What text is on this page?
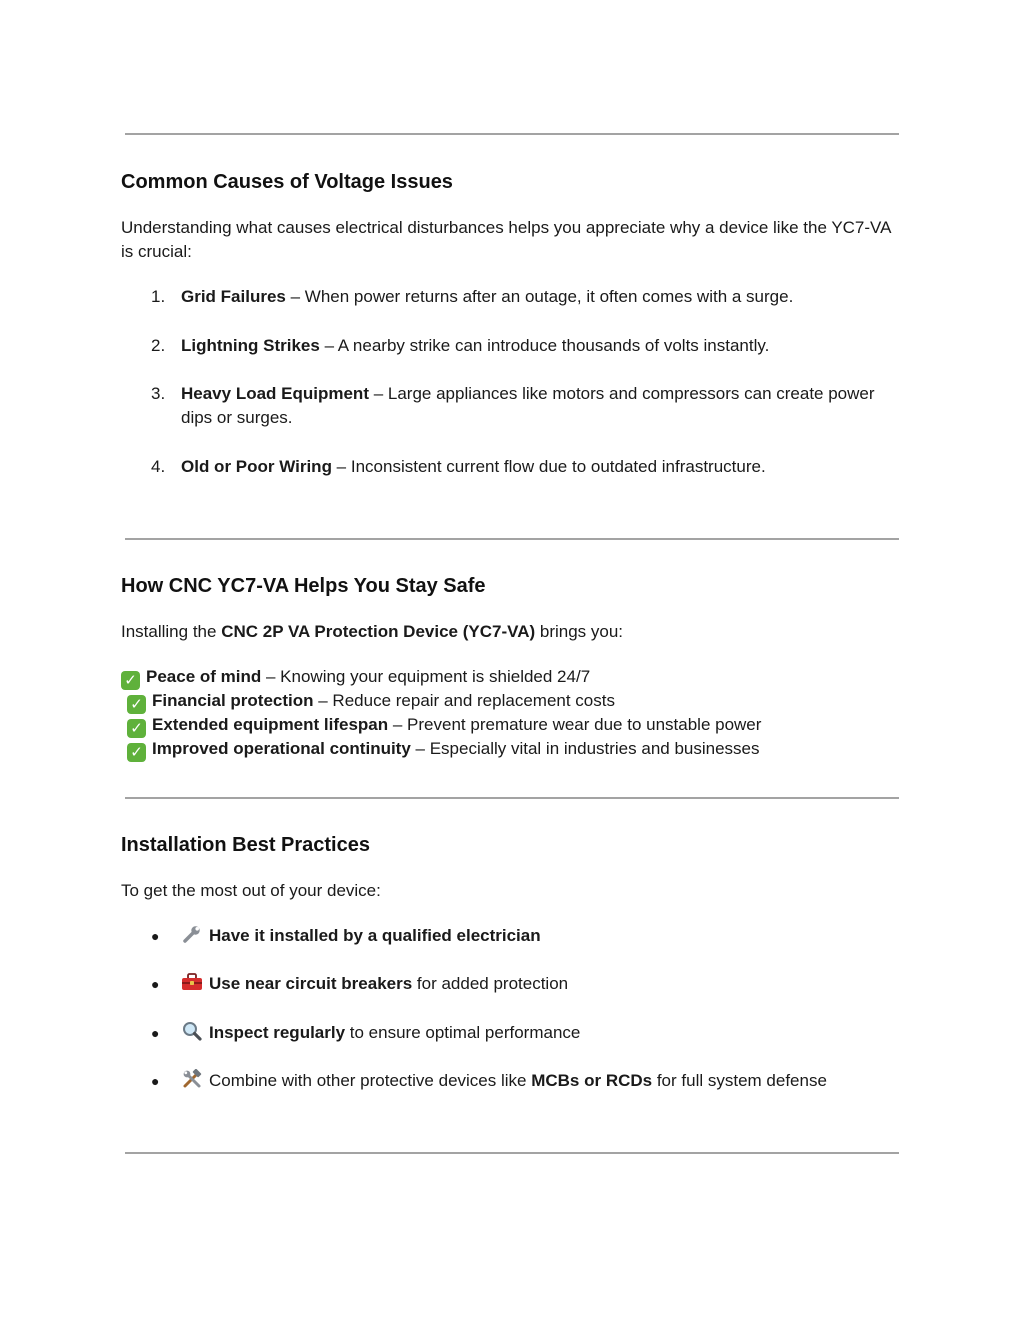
Common Causes of Voltage Issues

Understanding what causes electrical disturbances helps you appreciate why a device like the YC7-VA is crucial:

1. Grid Failures – When power returns after an outage, it often comes with a surge.
2. Lightning Strikes – A nearby strike can introduce thousands of volts instantly.
3. Heavy Load Equipment – Large appliances like motors and compressors can create power dips or surges.
4. Old or Poor Wiring – Inconsistent current flow due to outdated infrastructure.
How CNC YC7-VA Helps You Stay Safe

Installing the CNC 2P VA Protection Device (YC7-VA) brings you:

✓ Peace of mind – Knowing your equipment is shielded 24/7
✓ Financial protection – Reduce repair and replacement costs
✓ Extended equipment lifespan – Prevent premature wear due to unstable power
✓ Improved operational continuity – Especially vital in industries and businesses
Installation Best Practices

To get the most out of your device:

●	Have it installed by a qualified electrician
●	Use near circuit breakers for added protection
●	Inspect regularly to ensure optimal performance
●	Combine with other protective devices like MCBs or RCDs for full system defense
